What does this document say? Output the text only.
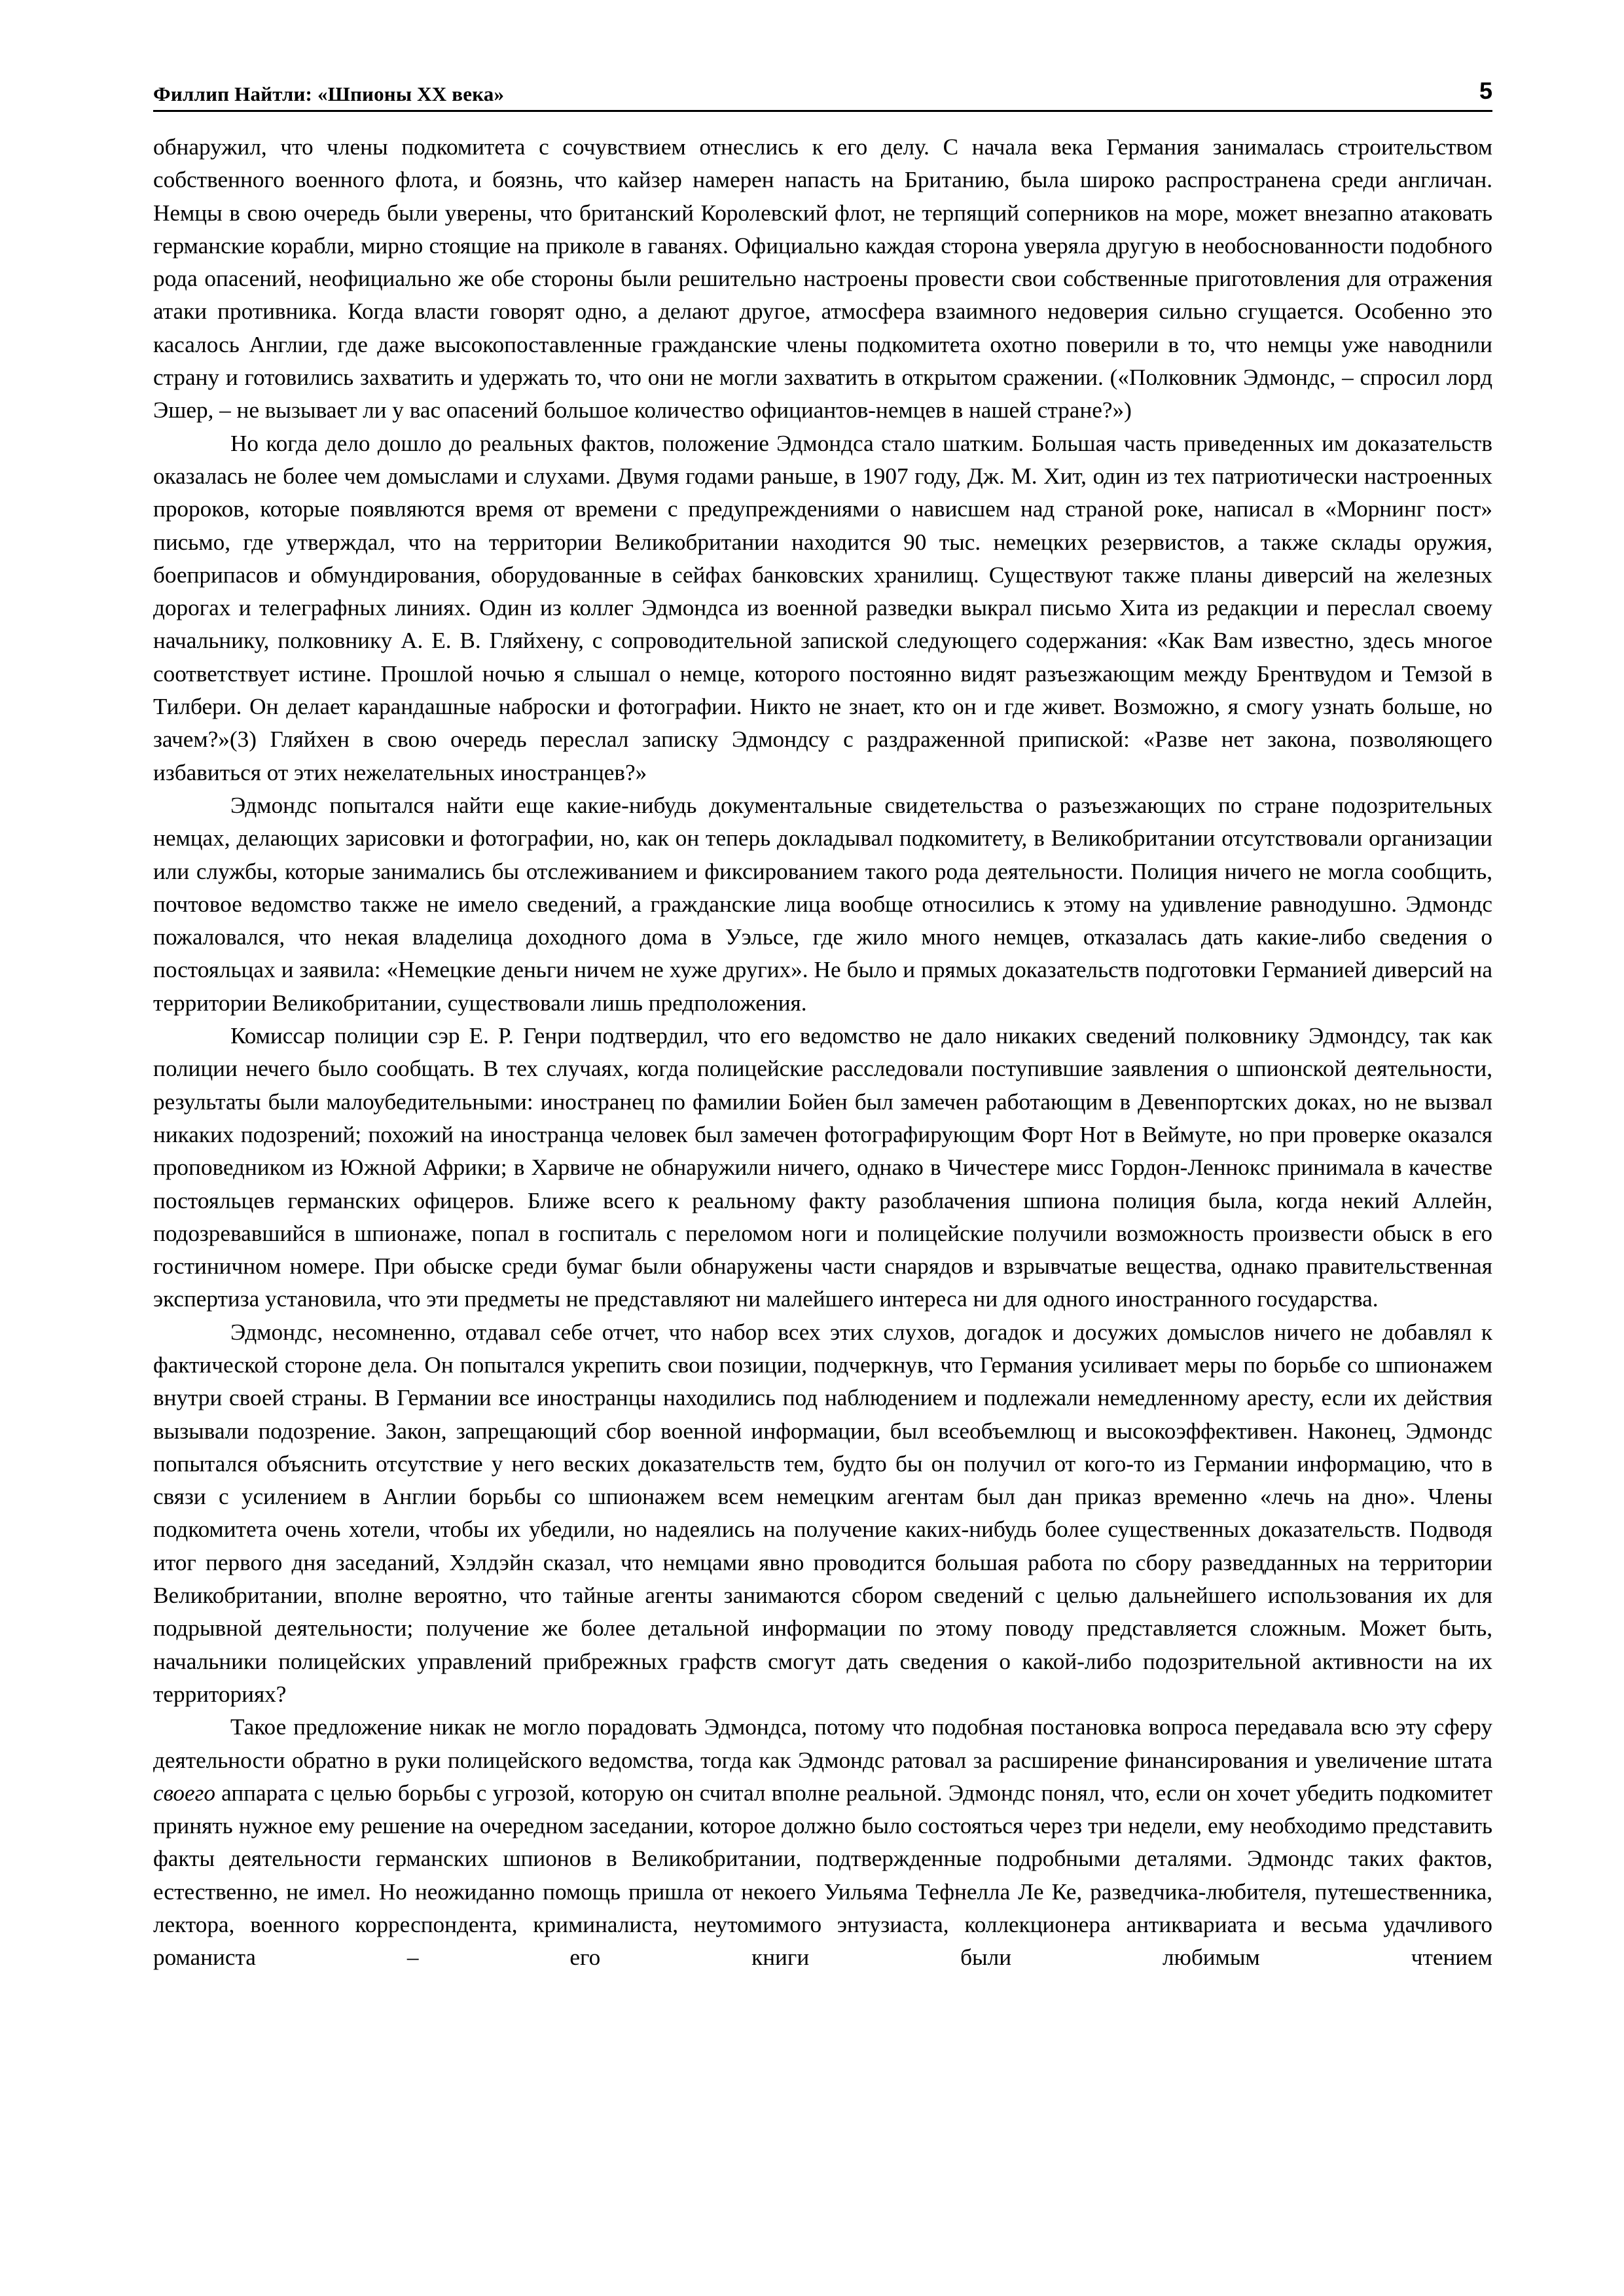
Филлип Найтли: «Шпионы XX века»	5

обнаружил, что члены подкомитета с сочувствием отнеслись к его делу. С начала века Германия занималась строительством собственного военного флота, и боязнь, что кайзер намерен напасть на Британию, была широко распространена среди англичан. Немцы в свою очередь были уверены, что британский Королевский флот, не терпящий соперников на море, может внезапно атаковать германские корабли, мирно стоящие на приколе в гаванях. Официально каждая сторона уверяла другую в необоснованности подобного рода опасений, неофициально же обе стороны были решительно настроены провести свои собственные приготовления для отражения атаки противника. Когда власти говорят одно, а делают другое, атмосфера взаимного недоверия сильно сгущается. Особенно это касалось Англии, где даже высокопоставленные гражданские члены подкомитета охотно поверили в то, что немцы уже наводнили страну и готовились захватить и удержать то, что они не могли захватить в открытом сражении. («Полковник Эдмондс, – спросил лорд Эшер, – не вызывает ли у вас опасений большое количество официантов-немцев в нашей стране?»)

Но когда дело дошло до реальных фактов, положение Эдмондса стало шатким. Большая часть приведенных им доказательств оказалась не более чем домыслами и слухами. Двумя годами раньше, в 1907 году, Дж. М. Хит, один из тех патриотически настроенных пророков, которые появляются время от времени с предупреждениями о нависшем над страной роке, написал в «Морнинг пост» письмо, где утверждал, что на территории Великобритании находится 90 тыс. немецких резервистов, а также склады оружия, боеприпасов и обмундирования, оборудованные в сейфах банковских хранилищ. Существуют также планы диверсий на железных дорогах и телеграфных линиях. Один из коллег Эдмондса из военной разведки выкрал письмо Хита из редакции и переслал своему начальнику, полковнику А. Е. В. Гляйхену, с сопроводительной запиской следующего содержания: «Как Вам известно, здесь многое соответствует истине. Прошлой ночью я слышал о немце, которого постоянно видят разъезжающим между Брентвудом и Темзой в Тилбери. Он делает карандашные наброски и фотографии. Никто не знает, кто он и где живет. Возможно, я смогу узнать больше, но зачем?»(3) Гляйхен в свою очередь переслал записку Эдмондсу с раздраженной припиской: «Разве нет закона, позволяющего избавиться от этих нежелательных иностранцев?»

Эдмондс попытался найти еще какие-нибудь документальные свидетельства о разъезжающих по стране подозрительных немцах, делающих зарисовки и фотографии, но, как он теперь докладывал подкомитету, в Великобритании отсутствовали организации или службы, которые занимались бы отслеживанием и фиксированием такого рода деятельности. Полиция ничего не могла сообщить, почтовое ведомство также не имело сведений, а гражданские лица вообще относились к этому на удивление равнодушно. Эдмондс пожаловался, что некая владелица доходного дома в Уэльсе, где жило много немцев, отказалась дать какие-либо сведения о постояльцах и заявила: «Немецкие деньги ничем не хуже других». Не было и прямых доказательств подготовки Германией диверсий на территории Великобритании, существовали лишь предположения.

Комиссар полиции сэр Е. Р. Генри подтвердил, что его ведомство не дало никаких сведений полковнику Эдмондсу, так как полиции нечего было сообщать. В тех случаях, когда полицейские расследовали поступившие заявления о шпионской деятельности, результаты были малоубедительными: иностранец по фамилии Бойен был замечен работающим в Девенпортских доках, но не вызвал никаких подозрений; похожий на иностранца человек был замечен фотографирующим Форт Нот в Веймуте, но при проверке оказался проповедником из Южной Африки; в Харвиче не обнаружили ничего, однако в Чичестере мисс Гордон-Леннокс принимала в качестве постояльцев германских офицеров. Ближе всего к реальному факту разоблачения шпиона полиция была, когда некий Аллейн, подозревавшийся в шпионаже, попал в госпиталь с переломом ноги и полицейские получили возможность произвести обыск в его гостиничном номере. При обыске среди бумаг были обнаружены части снарядов и взрывчатые вещества, однако правительственная экспертиза установила, что эти предметы не представляют ни малейшего интереса ни для одного иностранного государства.

Эдмондс, несомненно, отдавал себе отчет, что набор всех этих слухов, догадок и досужих домыслов ничего не добавлял к фактической стороне дела. Он попытался укрепить свои позиции, подчеркнув, что Германия усиливает меры по борьбе со шпионажем внутри своей страны. В Германии все иностранцы находились под наблюдением и подлежали немедленному аресту, если их действия вызывали подозрение. Закон, запрещающий сбор военной информации, был всеобъемлющ и высокоэффективен. Наконец, Эдмондс попытался объяснить отсутствие у него веских доказательств тем, будто бы он получил от кого-то из Германии информацию, что в связи с усилением в Англии борьбы со шпионажем всем немецким агентам был дан приказ временно «лечь на дно». Члены подкомитета очень хотели, чтобы их убедили, но надеялись на получение каких-нибудь более существенных доказательств. Подводя итог первого дня заседаний, Хэлдэйн сказал, что немцами явно проводится большая работа по сбору разведданных на территории Великобритании, вполне вероятно, что тайные агенты занимаются сбором сведений с целью дальнейшего использования их для подрывной деятельности; получение же более детальной информации по этому поводу представляется сложным. Может быть, начальники полицейских управлений прибрежных графств смогут дать сведения о какой-либо подозрительной активности на их территориях?

Такое предложение никак не могло порадовать Эдмондса, потому что подобная постановка вопроса передавала всю эту сферу деятельности обратно в руки полицейского ведомства, тогда как Эдмондс ратовал за расширение финансирования и увеличение штата своего аппарата с целью борьбы с угрозой, которую он считал вполне реальной. Эдмондс понял, что, если он хочет убедить подкомитет принять нужное ему решение на очередном заседании, которое должно было состояться через три недели, ему необходимо представить факты деятельности германских шпионов в Великобритании, подтвержденные подробными деталями. Эдмондс таких фактов, естественно, не имел. Но неожиданно помощь пришла от некоего Уильяма Тефнелла Ле Ке, разведчика-любителя, путешественника, лектора, военного корреспондента, криминалиста, неутомимого энтузиаста, коллекционера антиквариата и весьма удачливого романиста – его книги были любимым чтением
